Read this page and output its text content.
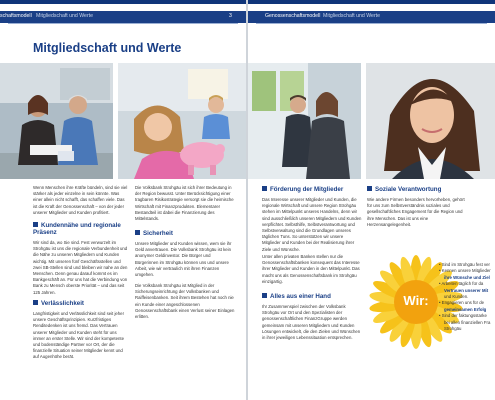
schaftsmodell Mitgliedschaft und Werte	3
Mitgliedschaft und Werte
Wenn Menschen ihre Kräfte bündeln, sind sie viel stärker als jeder einzelne in sein könnte. Was einer allein nicht schafft, das schaffen viele. Das ist die Kraft der Genossenschaft – von der jeder unserer Mitglieder und Kunden profitiert.
Kundennähe und regionale Präsenz
Wir sind da, wo Sie sind. Fest verwurzelt im Strohgäu ist uns die regionale Verbundenheit und die Nähe zu unseren Mitgliedern und Kunden wichtig. Mit unseren fünf Geschäftsstellen und zwei SB-Stellen sind und bleiben wir nahe an den Menschen. Denn genau darauf kommt es im Bankgeschäft an. Für uns hat die Verbindung von Bank zu Mensch oberste Priorität – und das seit 125 Jahren.
Verlässlichkeit
Langfristigkeit und Verlässlichkeit sind seit jeher unsere Geschäftsprinzipien. Kurzfristiges Renditedenken ist uns fremd. Das Vertrauen unserer Mitglieder und Kunden steht für uns immer an erster Stelle. Wir sind der kompetente und bodenständige Partner vor Ort, der die finanzielle Situation seiner Mitglieder kennt und auf Augenhöhe berät.
Die Volksbank Strohgäu ist sich ihrer Bedeutung in der Region bewusst. Unter Berücksichtigung einer tragbaren Risikostrategie versorgt sie die heimische Wirtschaft mit Finanzprodukten. Elementarer Bestandteil ist dabei die Finanzierung des Mittelstands.
Sicherheit
Unsere Mitglieder und Kunden wissen, wem sie ihr Geld anvertrauen. Die Volksbank Strohgäu ist kein anonymer Geldinvestor. Die Bürger und Bürgerinnen im Strohgäu können uns und unsere Arbeit, wie wir vertraulich mit ihren Finanzen umgehen.
Die Volksbank Strohgäu ist Mitglied in der Sicherungseinrichtung der Volksbanken und Raiffeisenbanken. Seit ihrem Bestehen hat noch nie ein Kunde einer angeschlossenen Genossenschaftsbank einen Verlust seiner Einlagen erlitten.
Genossenschaftsmodell Mitgliedschaft und Werte
Förderung der Mitglieder
Das Interesse unserer Mitglieder und Kunden, die regionale Wirtschaft und unsere Region Strohgäu stehen im Mittelpunkt unseres Handelns, denn wir sind ausschließlich unseren Mitgliedern und Kunden verpflichtet. Selbsthilfe, Selbstverantwortung und Selbstverwaltung sind die Grundlagen unseres täglichen Tuns. So unterstützen wir unsere Mitglieder und Kunden bei der Realisierung ihrer Ziele und Wünsche.
Unter allen privaten Banken stellen nur die Genossenschaftsbanken konsequent das Interesse ihrer Mitglieder und Kunden in den Mittelpunkt. Das macht uns als Genossenschaftsbank im Strohgäu einzigartig.
Alles aus einer Hand
Ihr Zusammenspiel zwischen der Volksbank Strohgäu vor Ort und den Spezialisten der genossenschaftlichen FinanzGruppe werden gemeinsam mit unseren Mitgliedern und Kunden Lösungen entwickelt, die den Zielen und Wünschen in ihrer jeweiligen Lebenssituation entsprechen.
Soziale Verantwortung
Wie andere Firmen besonders hervorheben, gehört für uns zum Selbstverständnis soziales und gesellschaftliches Engagement für die Region und ihre Menschen. Das ist uns eine Herzensangelegenheit.
Wir:
• Sind im Strohgäu fest ver
• Kennen unsere Mitglieder
ihre Wünsche und Ziel
• Arbeiten täglich für da
Vertrauen unserer Mit
und Kunden.
• Engagieren uns für de
gemeinsamen Erfolg
• Sind der faktungsstarke
bei allen finanziellen Fra
Strohgäu
